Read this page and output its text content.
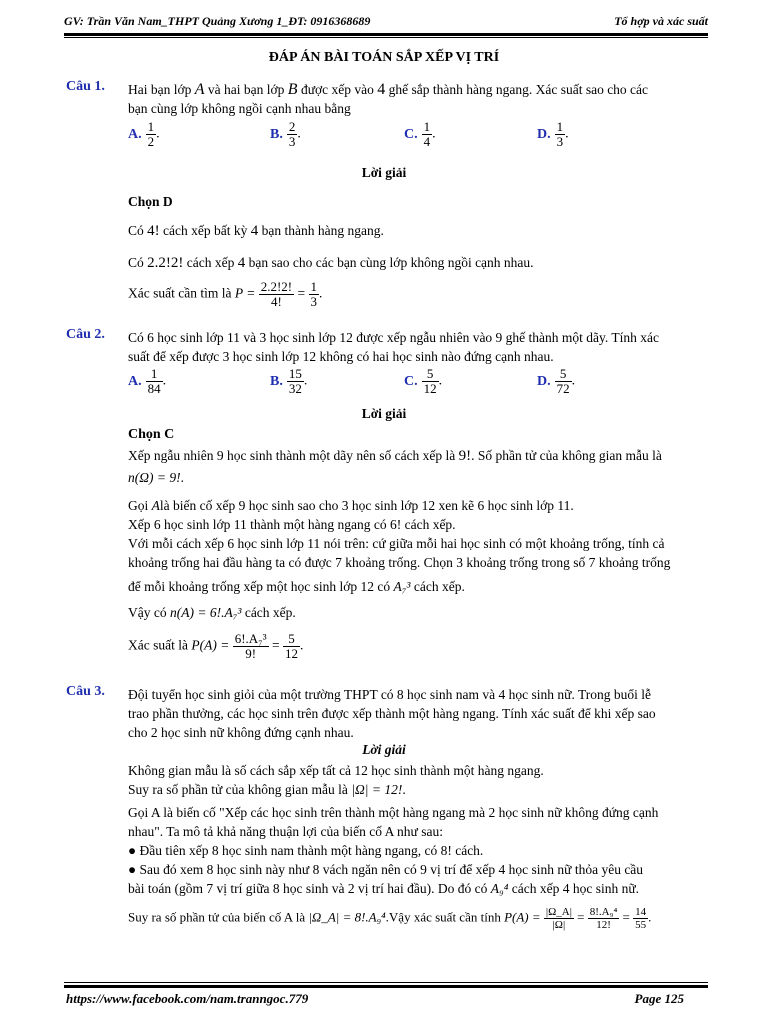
GV: Trần Văn Nam_THPT Quảng Xương 1_ĐT: 0916368689	Tổ hợp và xác suất
ĐÁP ÁN BÀI TOÁN SẮP XẾP VỊ TRÍ
Câu 1. Hai bạn lớp A và hai bạn lớp B được xếp vào 4 ghế sắp thành hàng ngang. Xác suất sao cho các
bạn cùng lớp không ngồi cạnh nhau bằng
A. $\frac{1}{2}$ .	B. $\frac{2}{3}$ .	C. $\frac{1}{4}$ .	D. $\frac{1}{3}$ .
Lời giải
Chọn D
Có 4! cách xếp bất kỳ 4 bạn thành hàng ngang.
Có 2.2!2! cách xếp 4 bạn sao cho các bạn cùng lớp không ngồi cạnh nhau.
Xác suất cần tìm là $P = \frac{2.2!2!}{4!} = \frac{1}{3}$ .
Câu 2. Có 6 học sinh lớp 11 và 3 học sinh lớp 12 được xếp ngẫu nhiên vào 9 ghế thành một dãy. Tính xác
suất để xếp được 3 học sinh lớp 12 không có hai học sinh nào đứng cạnh nhau.
A. $\frac{1}{84}$ .	B. $\frac{15}{32}$ .	C. $\frac{5}{12}$ .	D. $\frac{5}{72}$ .
Lời giải
Chọn C
Xếp ngẫu nhiên 9 học sinh thành một dãy nên số cách xếp là 9!. Số phần tử của không gian mẫu là
n(Ω) = 9!.
Gọi Alà biến cố xếp 9 học sinh sao cho 3 học sinh lớp 12 xen kẽ 6 học sinh lớp 11.
Xếp 6 học sinh lớp 11 thành một hàng ngang có 6! cách xếp.
Với mỗi cách xếp 6 học sinh lớp 11 nói trên: cứ giữa mỗi hai học sinh có một khoảng trống, tính cả
khoảng trống hai đầu hàng ta có được 7 khoảng trống. Chọn 3 khoảng trống trong số 7 khoảng trống
để mỗi khoảng trống xếp một học sinh lớp 12 có A₇³ cách xếp.
Vậy có n(A) = 6!.A₇³ cách xếp.
Xác suất là $P(A) = \frac{\text{6!.A₇³}}{9!} = \frac{5}{12}$ .
Câu 3. Đội tuyển học sinh giỏi của một trường THPT có 8 học sinh nam và 4 học sinh nữ. Trong buổi lễ
trao phần thưởng, các học sinh trên được xếp thành một hàng ngang. Tính xác suất để khi xếp sao
cho 2 học sinh nữ không đứng cạnh nhau.
Lời giải
Không gian mẫu là số cách sắp xếp tất cả 12 học sinh thành một hàng ngang.
Suy ra số phần tử của không gian mẫu là |Ω| = 12!.
Gọi A là biến cố "Xếp các học sinh trên thành một hàng ngang mà 2 học sinh nữ không đứng cạnh
nhau". Ta mô tả khả năng thuận lợi của biến cố A như sau:
● Đầu tiên xếp 8 học sinh nam thành một hàng ngang, có 8! cách.
● Sau đó xem 8 học sinh này như 8 vách ngăn nên có 9 vị trí để xếp 4 học sinh nữ thỏa yêu cầu
bài toán (gồm 7 vị trí giữa 8 học sinh và 2 vị trí hai đầu). Do đó có A₉⁴ cách xếp 4 học sinh nữ.
Suy ra số phần tử của biến cố A là |Ω_A| = 8!.A₉⁴.Vậy xác suất cần tính $P(A) = \frac{|\Omega\_A|}{|\Omega|} = \frac{\text{8!.A₉⁴}}{12!} = \frac{14}{55}$ .
https://www.facebook.com/nam.tranngoc.779	Page 125
